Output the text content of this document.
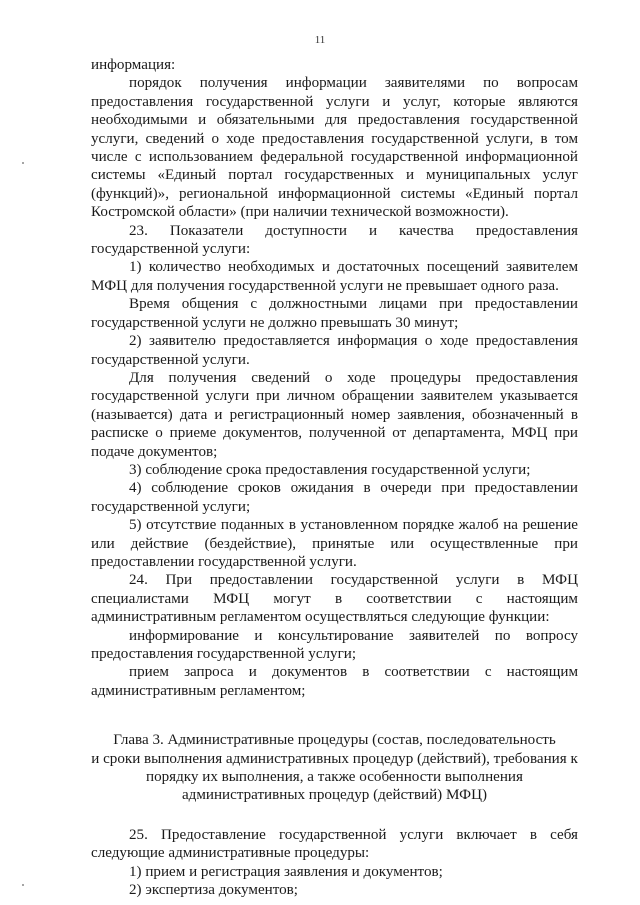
11

информация:

порядок получения информации заявителями по вопросам предоставления государственной услуги и услуг, которые являются необходимыми и обязательными для предоставления государственной услуги, сведений о ходе предоставления государственной услуги, в том числе с использованием федеральной государственной информационной системы «Единый портал государственных и муниципальных услуг (функций)», региональной информационной системы «Единый портал Костромской области» (при наличии технической возможности).

23. Показатели доступности и качества предоставления государственной услуги:

1) количество необходимых и достаточных посещений заявителем МФЦ для получения государственной услуги не превышает одного раза.

Время общения с должностными лицами при предоставлении государственной услуги не должно превышать 30 минут;

2) заявителю предоставляется информация о ходе предоставления государственной услуги.

Для получения сведений о ходе процедуры предоставления государственной услуги при личном обращении заявителем указывается (называется) дата и регистрационный номер заявления, обозначенный в расписке о приеме документов, полученной от департамента, МФЦ при подаче документов;

3) соблюдение срока предоставления государственной услуги;

4) соблюдение сроков ожидания в очереди при предоставлении государственной услуги;

5) отсутствие поданных в установленном порядке жалоб на решение или действие (бездействие), принятые или осуществленные при предоставлении государственной услуги.

24. При предоставлении государственной услуги в МФЦ специалистами МФЦ могут в соответствии с настоящим административным регламентом осуществляться следующие функции:

информирование и консультирование заявителей по вопросу предоставления государственной услуги;

прием запроса и документов в соответствии с настоящим административным регламентом;

Глава 3. Административные процедуры (состав, последовательность

и сроки выполнения административных процедур (действий), требования к

порядку их выполнения, а также особенности выполнения

административных процедур (действий) МФЦ)

25. Предоставление государственной услуги включает в себя следующие административные процедуры:

1) прием и регистрация заявления и документов;

2) экспертиза документов;
